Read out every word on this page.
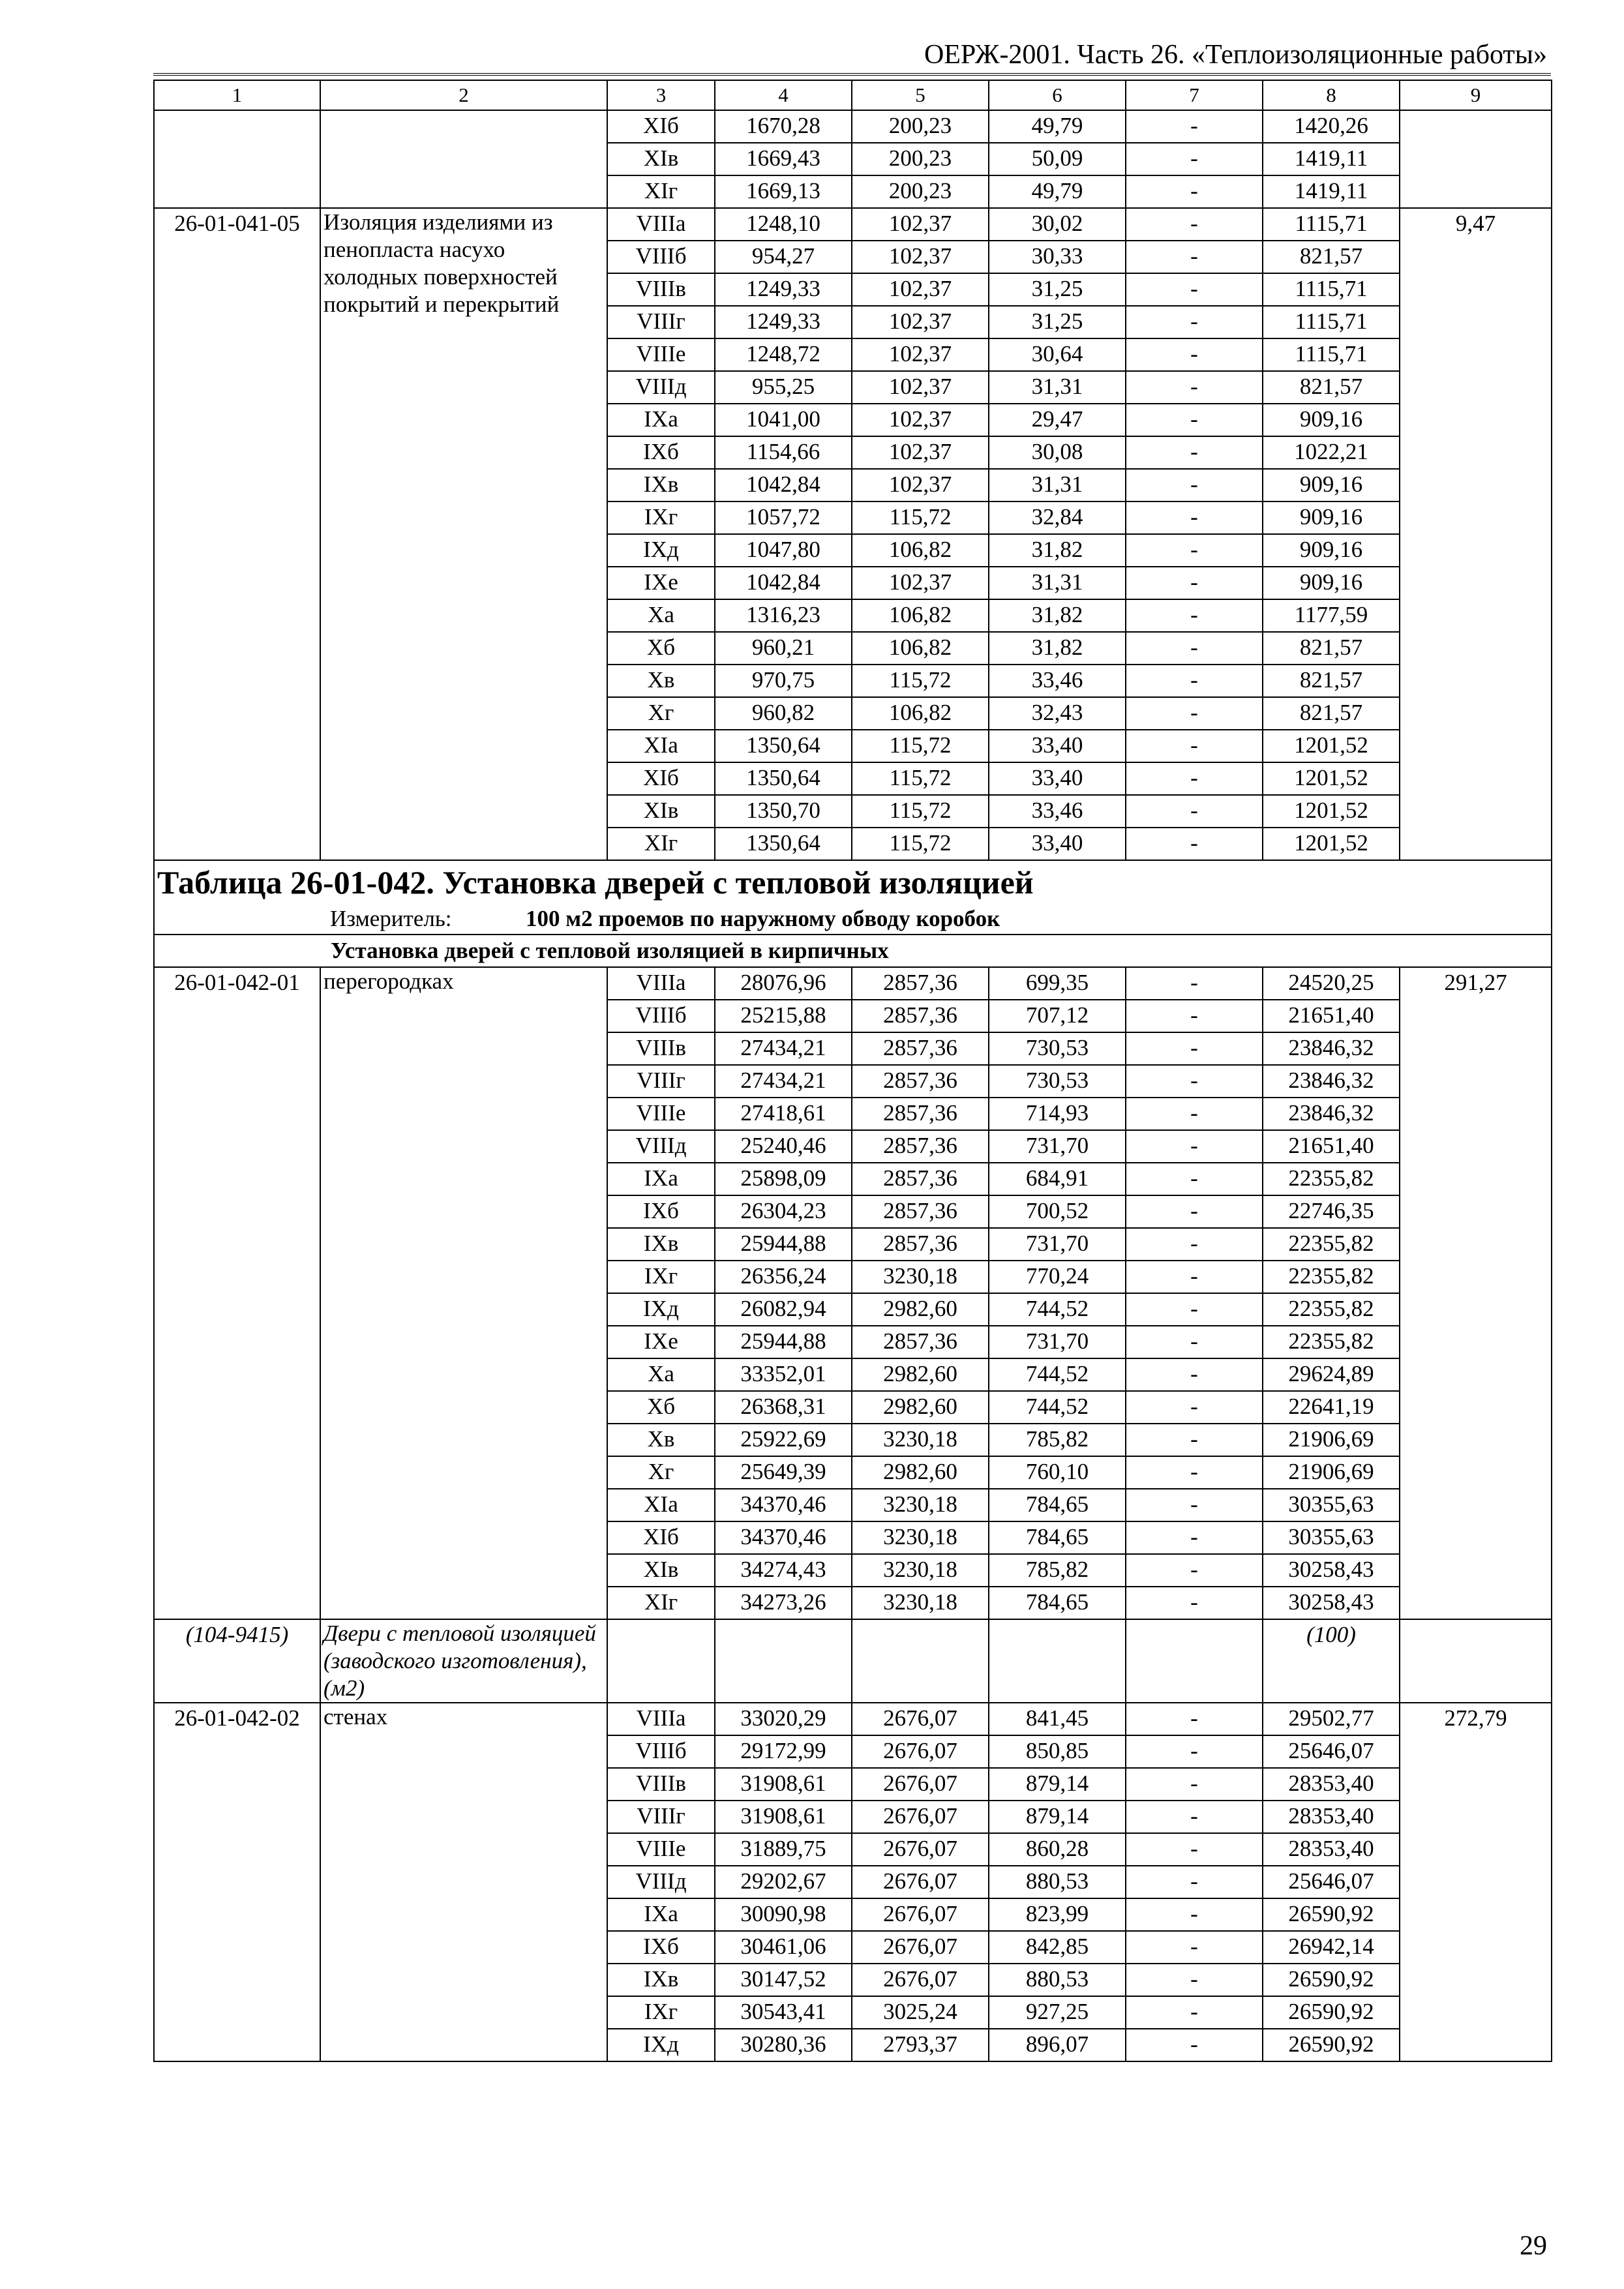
ОЕРЖ-2001. Часть 26. «Теплоизоляционные работы»
1	2	3	4	5	6	7	8	9
		XIб	1670,28	200,23	49,79	-	1420,26	
		XIв	1669,43	200,23	50,09	-	1419,11	
		XIг	1669,13	200,23	49,79	-	1419,11	
26-01-041-05	Изоляция изделиями из пенопласта насухо холодных поверхностей покрытий и перекрытий	VIIIа	1248,10	102,37	30,02	-	1115,71	9,47
		VIIIб	954,27	102,37	30,33	-	821,57	
		VIIIв	1249,33	102,37	31,25	-	1115,71	
		VIIIг	1249,33	102,37	31,25	-	1115,71	
		VIIIе	1248,72	102,37	30,64	-	1115,71	
		VIIIд	955,25	102,37	31,31	-	821,57	
		IXа	1041,00	102,37	29,47	-	909,16	
		IXб	1154,66	102,37	30,08	-	1022,21	
		IXв	1042,84	102,37	31,31	-	909,16	
		IXг	1057,72	115,72	32,84	-	909,16	
		IXд	1047,80	106,82	31,82	-	909,16	
		IXе	1042,84	102,37	31,31	-	909,16	
		Xа	1316,23	106,82	31,82	-	1177,59	
		Xб	960,21	106,82	31,82	-	821,57	
		Xв	970,75	115,72	33,46	-	821,57	
		Xг	960,82	106,82	32,43	-	821,57	
		XIа	1350,64	115,72	33,40	-	1201,52	
		XIб	1350,64	115,72	33,40	-	1201,52	
		XIв	1350,70	115,72	33,46	-	1201,52	
		XIг	1350,64	115,72	33,40	-	1201,52	
Таблица 26-01-042. Установка дверей с тепловой изоляцией								
Измеритель: 100 м2 проемов по наружному обводу коробок								
Установка дверей с тепловой изоляцией в кирпичных								
26-01-042-01	перегородках	VIIIа	28076,96	2857,36	699,35	-	24520,25	291,27
		VIIIб	25215,88	2857,36	707,12	-	21651,40	
		VIIIв	27434,21	2857,36	730,53	-	23846,32	
		VIIIг	27434,21	2857,36	730,53	-	23846,32	
		VIIIе	27418,61	2857,36	714,93	-	23846,32	
		VIIIд	25240,46	2857,36	731,70	-	21651,40	
		IXа	25898,09	2857,36	684,91	-	22355,82	
		IXб	26304,23	2857,36	700,52	-	22746,35	
		IXв	25944,88	2857,36	731,70	-	22355,82	
		IXг	26356,24	3230,18	770,24	-	22355,82	
		IXд	26082,94	2982,60	744,52	-	22355,82	
		IXе	25944,88	2857,36	731,70	-	22355,82	
		Xа	33352,01	2982,60	744,52	-	29624,89	
		Xб	26368,31	2982,60	744,52	-	22641,19	
		Xв	25922,69	3230,18	785,82	-	21906,69	
		Xг	25649,39	2982,60	760,10	-	21906,69	
		XIа	34370,46	3230,18	784,65	-	30355,63	
		XIб	34370,46	3230,18	784,65	-	30355,63	
		XIв	34274,43	3230,18	785,82	-	30258,43	
		XIг	34273,26	3230,18	784,65	-	30258,43	
(104-9415)	Двери с тепловой изоляцией (заводского изготовления), (м2)						(100)	
26-01-042-02	стенах	VIIIа	33020,29	2676,07	841,45	-	29502,77	272,79
		VIIIб	29172,99	2676,07	850,85	-	25646,07	
		VIIIв	31908,61	2676,07	879,14	-	28353,40	
		VIIIг	31908,61	2676,07	879,14	-	28353,40	
		VIIIе	31889,75	2676,07	860,28	-	28353,40	
		VIIIд	29202,67	2676,07	880,53	-	25646,07	
		IXа	30090,98	2676,07	823,99	-	26590,92	
		IXб	30461,06	2676,07	842,85	-	26942,14	
		IXв	30147,52	2676,07	880,53	-	26590,92	
		IXг	30543,41	3025,24	927,25	-	26590,92	
		IXд	30280,36	2793,37	896,07	-	26590,92	
29
